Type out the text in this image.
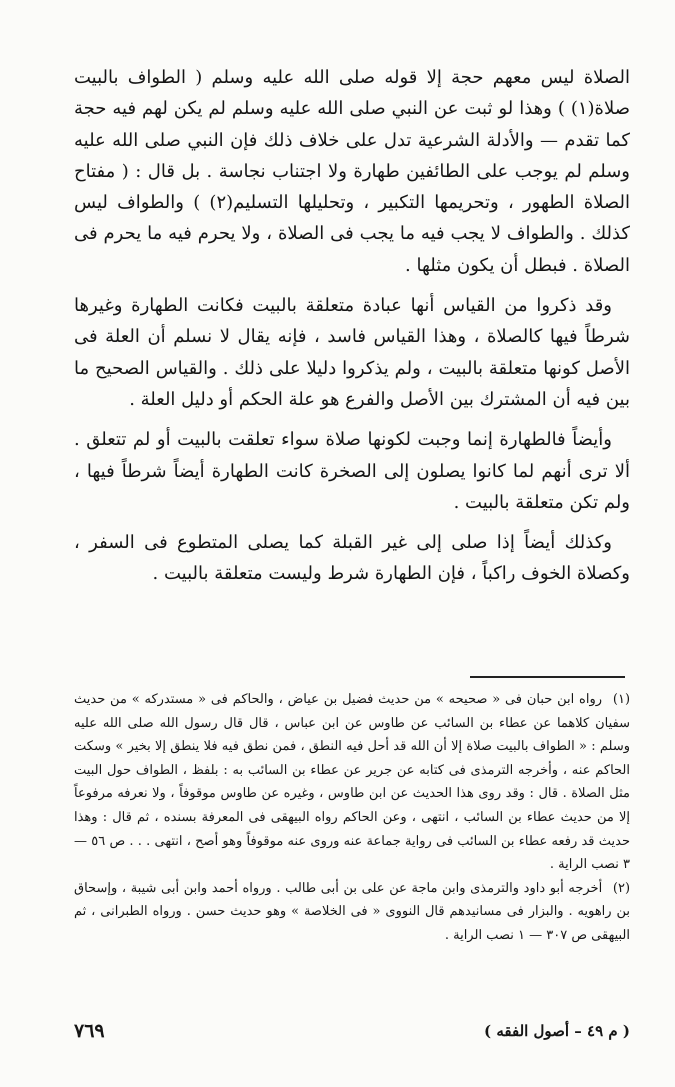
الصلاة ليس معهم حجة إلا قوله صلى الله عليه وسلم ( الطواف بالبيت صلاة(١) ) وهذا لو ثبت عن النبي صلى الله عليه وسلم لم يكن لهم فيه حجة كما تقدم — والأدلة الشرعية تدل على خلاف ذلك فإن النبي صلى الله عليه وسلم لم يوجب على الطائفين طهارة ولا اجتناب نجاسة . بل قال : ( مفتاح الصلاة الطهور ، وتحريمها التكبير ، وتحليلها التسليم(٢) ) والطواف ليس كذلك . والطواف لا يجب فيه ما يجب فى الصلاة ، ولا يحرم فيه ما يحرم فى الصلاة . فبطل أن يكون مثلها .

وقد ذكروا من القياس أنها عبادة متعلقة بالبيت فكانت الطهارة وغيرها شرطاً فيها كالصلاة ، وهذا القياس فاسد ، فإنه يقال لا نسلم أن العلة فى الأصل كونها متعلقة بالبيت ، ولم يذكروا دليلا على ذلك . والقياس الصحيح ما بين فيه أن المشترك بين الأصل والفرع هو علة الحكم أو دليل العلة .

وأيضاً فالطهارة إنما وجبت لكونها صلاة سواء تعلقت بالبيت أو لم تتعلق . ألا ترى أنهم لما كانوا يصلون إلى الصخرة كانت الطهارة أيضاً شرطاً فيها ، ولم تكن متعلقة بالبيت .

وكذلك أيضاً إذا صلى إلى غير القبلة كما يصلى المتطوع فى السفر ، وكصلاة الخوف راكباً ، فإن الطهارة شرط وليست متعلقة بالبيت .

(١) رواه ابن حبان فى « صحيحه » من حديث فضيل بن عياض ، والحاكم فى « مستدركه » من حديث سفيان كلاهما عن عطاء بن السائب عن طاوس عن ابن عباس ، قال قال رسول الله صلى الله عليه وسلم : « الطواف بالبيت صلاة إلا أن الله قد أحل فيه النطق ، فمن نطق فيه فلا ينطق إلا بخير » وسكت الحاكم عنه ، وأخرجه الترمذى فى كتابه عن جرير عن عطاء بن السائب به : بلفظ ، الطواف حول البيت مثل الصلاة . قال : وقد روى هذا الحديث عن ابن طاوس ، وغيره عن طاوس موقوفاً ، ولا نعرفه مرفوعاً إلا من حديث عطاء بن السائب ، انتهى ، وعن الحاكم رواه البيهقى فى المعرفة بسنده ، ثم قال : وهذا حديث قد رفعه عطاء بن السائب فى رواية جماعة عنه وروى عنه موقوفاً وهو أصح ، انتهى . . . ص ٥٦ — ٣ نصب الراية .

(٢) أخرجه أبو داود والترمذى وابن ماجة عن على بن أبى طالب . ورواه أحمد وابن أبى شيبة ، وإسحاق بن راهويه . والبزار فى مسانيدهم قال النووى « فى الخلاصة » وهو حديث حسن . ورواه الطبرانى ، ثم البيهقى ص ٣٠٧ — ١ نصب الراية .

٧٦٩	( م ٤٩ – أصول الفقه )
